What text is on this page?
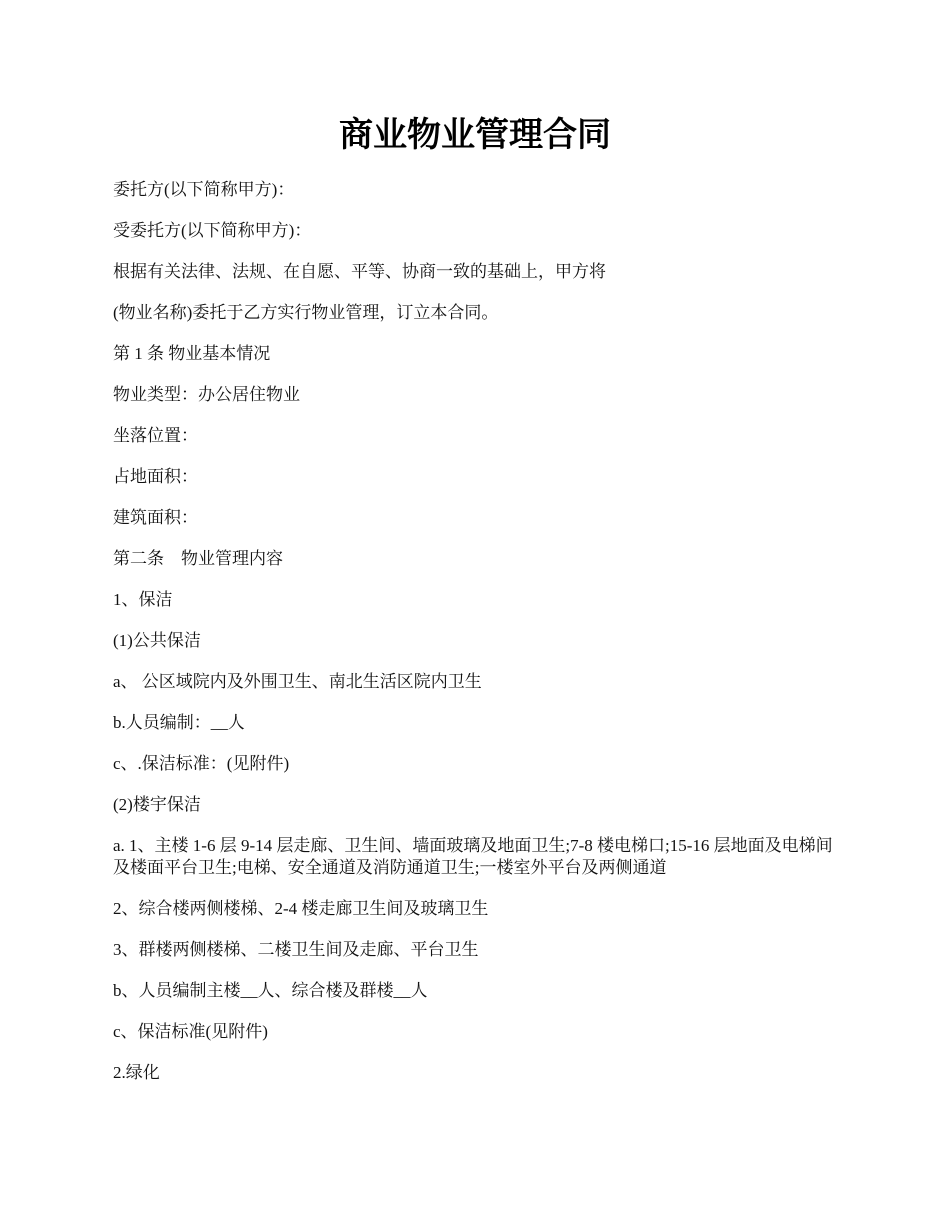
商业物业管理合同

委托方(以下简称甲方)：

受委托方(以下简称甲方)：

根据有关法律、法规、在自愿、平等、协商一致的基础上，甲方将

(物业名称)委托于乙方实行物业管理，订立本合同。

第 1 条 物业基本情况

物业类型：办公居住物业

坐落位置：

占地面积：

建筑面积：

第二条　物业管理内容

1、保洁

(1)公共保洁

a、 公区域院内及外围卫生、南北生活区院内卫生

b.人员编制：__人

c、.保洁标准：(见附件)

(2)楼宇保洁

a. 1、主楼 1-6 层 9-14 层走廊、卫生间、墙面玻璃及地面卫生;7-8 楼电梯口;15-16 层地面及电梯间及楼面平台卫生;电梯、安全通道及消防通道卫生;一楼室外平台及两侧通道

2、综合楼两侧楼梯、2-4 楼走廊卫生间及玻璃卫生

3、群楼两侧楼梯、二楼卫生间及走廊、平台卫生

b、人员编制主楼__人、综合楼及群楼__人

c、保洁标准(见附件)

2.绿化
